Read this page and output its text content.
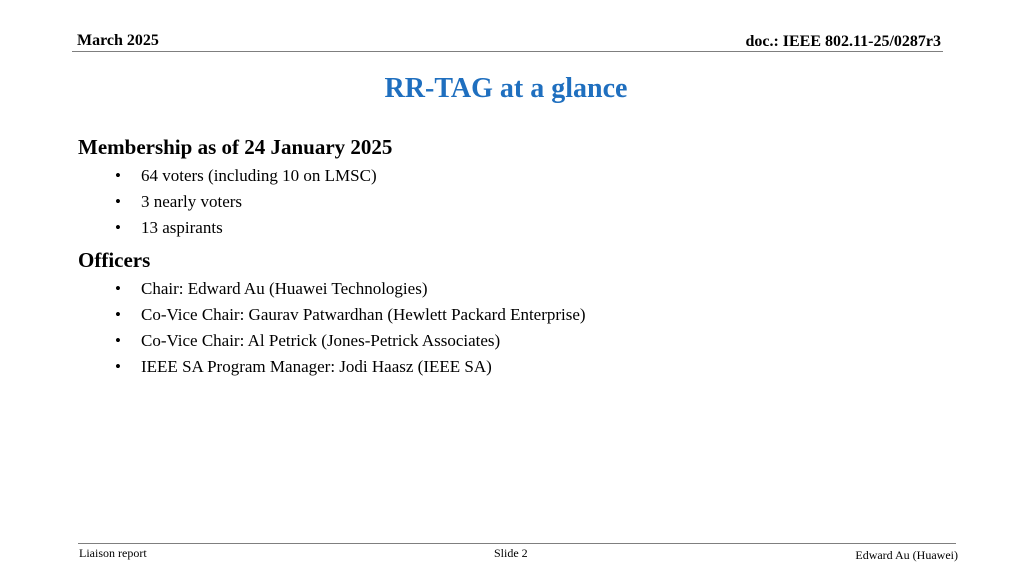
March 2025	doc.: IEEE 802.11-25/0287r3
RR-TAG at a glance

Membership as of 24 January 2025

• 64 voters (including 10 on LMSC)
• 3 nearly voters
• 13 aspirants

Officers

• Chair: Edward Au (Huawei Technologies)
• Co-Vice Chair: Gaurav Patwardhan (Hewlett Packard Enterprise)
• Co-Vice Chair: Al Petrick (Jones-Petrick Associates)
• IEEE SA Program Manager: Jodi Haasz (IEEE SA)
Liaison report	Slide 2	Edward Au (Huawei)
